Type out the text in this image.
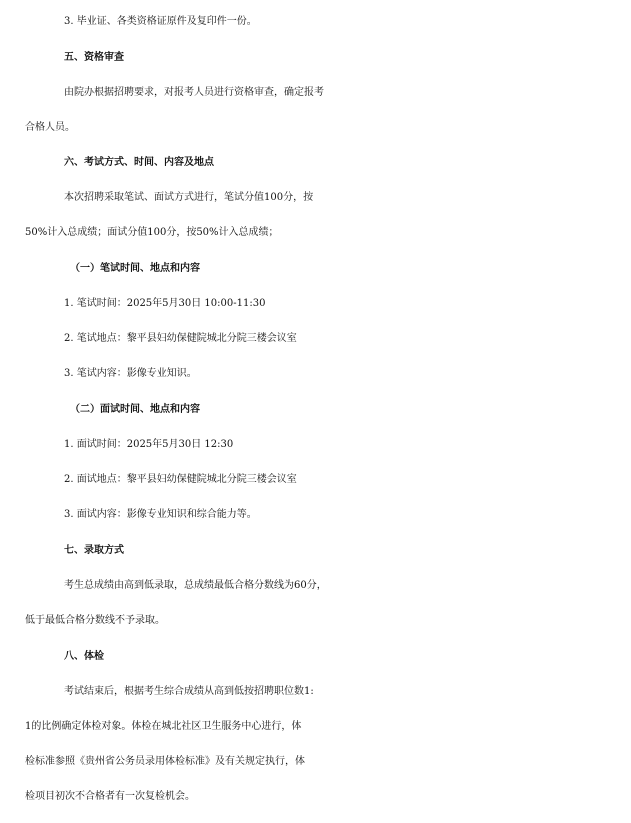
3. 毕业证、各类资格证原件及复印件一份。
五、资格审查
由院办根据招聘要求，对报考人员进行资格审查，确定报考
合格人员。
六、考试方式、时间、内容及地点
本次招聘采取笔试、面试方式进行，笔试分值100分，按
50%计入总成绩；面试分值100分，按50%计入总成绩；
（一）笔试时间、地点和内容
1. 笔试时间：2025年5月30日 10:00-11:30
2. 笔试地点：黎平县妇幼保健院城北分院三楼会议室
3. 笔试内容：影像专业知识。
（二）面试时间、地点和内容
1. 面试时间：2025年5月30日 12:30
2. 面试地点：黎平县妇幼保健院城北分院三楼会议室
3. 面试内容：影像专业知识和综合能力等。
七、录取方式
考生总成绩由高到低录取，总成绩最低合格分数线为60分，
低于最低合格分数线不予录取。
八、体检
考试结束后，根据考生综合成绩从高到低按招聘职位数1:
1的比例确定体检对象。体检在城北社区卫生服务中心进行，体
检标准参照《贵州省公务员录用体检标准》及有关规定执行，体
检项目初次不合格者有一次复检机会。
